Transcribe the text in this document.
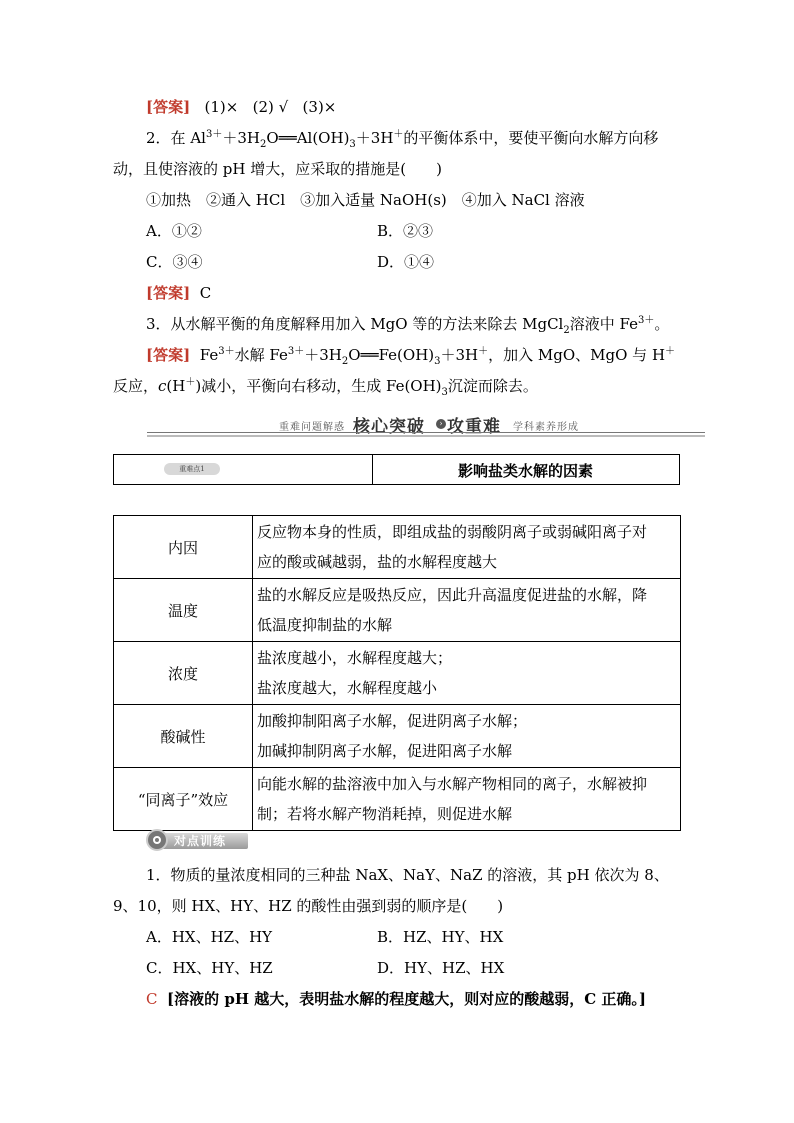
[答案] (1)× (2) √ (3)×
2．在 $Al^{3+}+3H_2O══Al(OH)_3+3H^+$的平衡体系中，要使平衡向水解方向移
动，且使溶液的 pH 增大，应采取的措施是(　　)
①加热　②通入 HCl　③加入适量 NaOH(s)　④加入 NaCl 溶液
A．①②	B．②③
C．③④	D．①④
[答案] C
3．从水解平衡的角度解释用加入 MgO 等的方法来除去 MgCl$_2$溶液中 $Fe^{3+}$。
[答案] $Fe^{3+}$水解 $Fe^{3+}+3H_2O══Fe(OH)_3+3H^+$，加入 MgO、MgO 与 H＋
反应，c(H＋)减小，平衡向右移动，生成 $Fe(OH)_3$沉淀而除去。
重难问题解惑 核心突破	› 攻重难 学科素养形成
重难点1	影响盐类水解的因素
内因	反应物本身的性质，即组成盐的弱酸阴离子或弱碱阳离子对
应的酸或碱越弱，盐的水解程度越大

温度	盐的水解反应是吸热反应，因此升高温度促进盐的水解，降
低温度抑制盐的水解

浓度	盐浓度越小，水解程度越大；
盐浓度越大，水解程度越小

酸碱性	加酸抑制阳离子水解，促进阴离子水解；
加碱抑制阴离子水解，促进阳离子水解

“同离子”效应	向能水解的盐溶液中加入与水解产物相同的离子，水解被抑
制；若将水解产物消耗掉，则促进水解
对点训练
1．物质的量浓度相同的三种盐 NaX、NaY、NaZ 的溶液，其 pH 依次为 8、
9、10，则 HX、HY、HZ 的酸性由强到弱的顺序是(　　)
A．HX、HZ、HY	B．HZ、HY、HX
C．HX、HY、HZ	D．HY、HZ、HX
C [溶液的 pH 越大，表明盐水解的程度越大，则对应的酸越弱，C 正确。]
